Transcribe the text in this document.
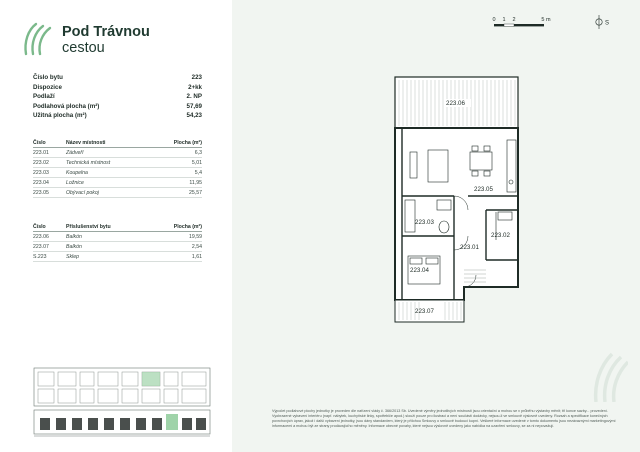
Pod Trávnou
cestou
Číslo bytu	223
Dispozice	2+kk
Podlaží	2. NP
Podlahová plocha (m²)	57,69
Užitná plocha (m²)	54,23
Číslo	Název místnosti	Plocha (m²)
223.01	Zádveří	6,3
223.02	Technická místnost	5,01
223.03	Koupelna	5,4
223.04	Ložnice	11,95
223.05	Obývací pokoj	25,57
Číslo	Příslušenství bytu	Plocha (m²)
223.06	Balkón	19,59
223.07	Balkón	2,54
S.223	Sklep	1,61
0 1 2	5 m
S
223.06
223.05
223.03
223.02
223.01
223.04
223.07
Výpočet podlahové plochy jednotky je proveden dle nařízení vlády č. 366/2013 Sb. Uvedené výměry jednotlivých místností jsou orientační a mohou se v průběhu výstavby měnit; tři konce sazby... provedení. Vyobrazené vybavení interiéru (např. nábytek, kuchyňské linky, spotřebiče apod.) slouží pouze pro ilustraci a není součástí dodávky, nejsou-li ve smlouvě výslovně uvedeny. Rozsah a specifikace konečných povrchových úprav, jakož i další vybavení jednotky, jsou dány standardem, který je přílohou Smlouvy o smlouvě budoucí kupní. Veškeré informace uvedené v tomto dokumentu jsou nezávaznými marketingovými informacemi a mohou být ze strany prodávajícího měněny. Informace obecné povahy, které nejsou výslovně uvedeny jako nabídka na uzavření smlouvy, se za ni nepovažují.
